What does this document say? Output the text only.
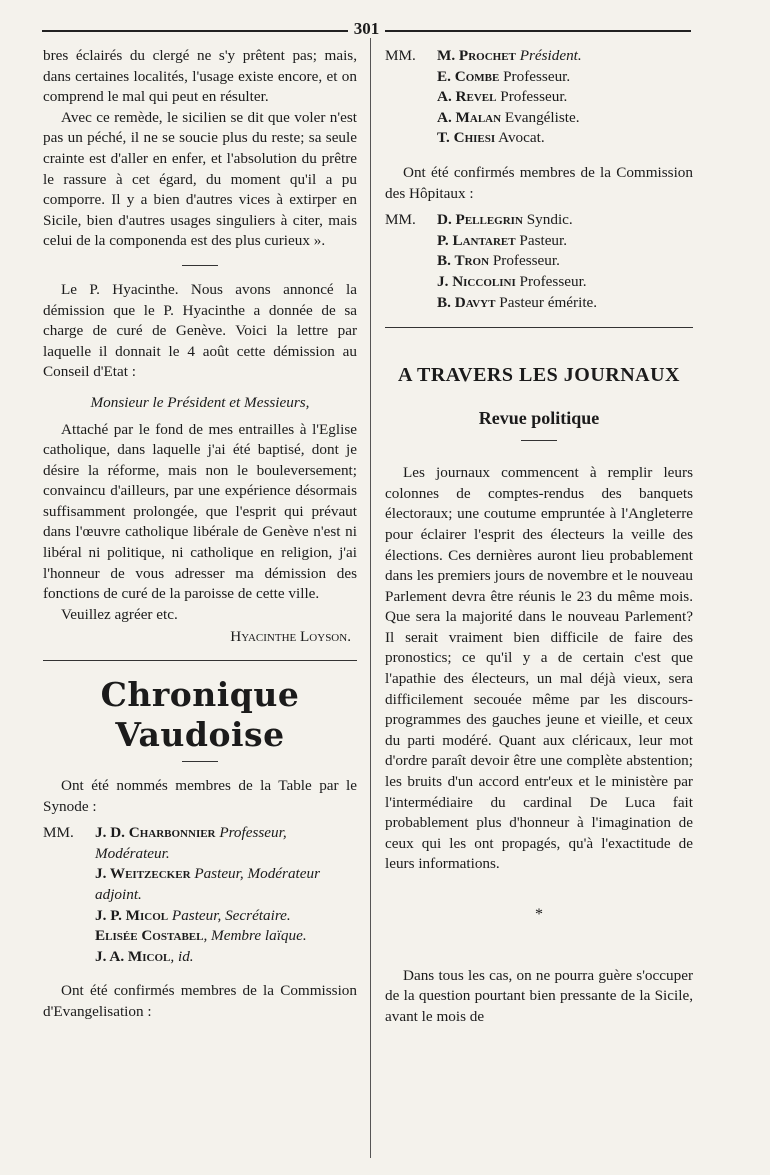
301

bres éclairés du clergé ne s'y prêtent pas; mais, dans certaines localités, l'usage existe encore, et on comprend le mal qui peut en résulter.

Avec ce remède, le sicilien se dit que voler n'est pas un péché, il ne se soucie plus du reste; sa seule crainte est d'aller en enfer, et l'absolution du prêtre le rassure à cet égard, du moment qu'il a pu comporre. Il y a bien d'autres vices à extirper en Sicile, bien d'autres usages singuliers à citer, mais celui de la componenda est des plus curieux ».

Le P. Hyacinthe. Nous avons annoncé la démission que le P. Hyacinthe a donnée de sa charge de curé de Genève. Voici la lettre par laquelle il donnait le 4 août cette démission au Conseil d'Etat :

Monsieur le Président et Messieurs,

Attaché par le fond de mes entrailles à l'Eglise catholique, dans laquelle j'ai été baptisé, dont je désire la réforme, mais non le bouleversement; convaincu d'ailleurs, par une expérience désormais suffisamment prolongée, que l'esprit qui prévaut dans l'œuvre catholique libérale de Genève n'est ni libéral ni politique, ni catholique en religion, j'ai l'honneur de vous adresser ma démission des fonctions de curé de la paroisse de cette ville.

Veuillez agréer etc.

Hyacinthe Loyson.

Chronique Vaudoise

Ont été nommés membres de la Table par le Synode :

MM.	J. D. Charbonnier Professeur, Modérateur.
J. Weitzecker Pasteur, Modérateur adjoint.
J. P. Micol Pasteur, Secrétaire.
Elisée Costabel, Membre laïque.
J. A. Micol, id.

Ont été confirmés membres de la Commission d'Evangelisation :

MM.	M. Prochet Président.
E. Combe Professeur.
A. Revel Professeur.
A. Malan Evangéliste.
T. Chiesi Avocat.

Ont été confirmés membres de la Commission des Hôpitaux :

MM.	D. Pellegrin Syndic.
P. Lantaret Pasteur.
B. Tron Professeur.
J. Niccolini Professeur.
B. Davyt Pasteur émérite.
A TRAVERS LES JOURNAUX
Revue politique

Les journaux commencent à remplir leurs colonnes de comptes-rendus des banquets électoraux; une coutume empruntée à l'Angleterre pour éclairer l'esprit des électeurs la veille des élections. Ces dernières auront lieu probablement dans les premiers jours de novembre et le nouveau Parlement devra être réunis le 23 du même mois. Que sera la majorité dans le nouveau Parlement? Il serait vraiment bien difficile de faire des pronostics; ce qu'il y a de certain c'est que l'apathie des électeurs, un mal déjà vieux, sera difficilement secouée même par les discours-programmes des gauches jeune et vieille, et ceux du parti modéré. Quant aux cléricaux, leur mot d'ordre paraît devoir être une complète abstention; les bruits d'un accord entr'eux et le ministère par l'intermédiaire du cardinal De Luca fait probablement plus d'honneur à l'imagination de ceux qui les ont propagés, qu'à l'exactitude de leurs informations.

*

Dans tous les cas, on ne pourra guère s'occuper de la question pourtant bien pressante de la Sicile, avant le mois de
